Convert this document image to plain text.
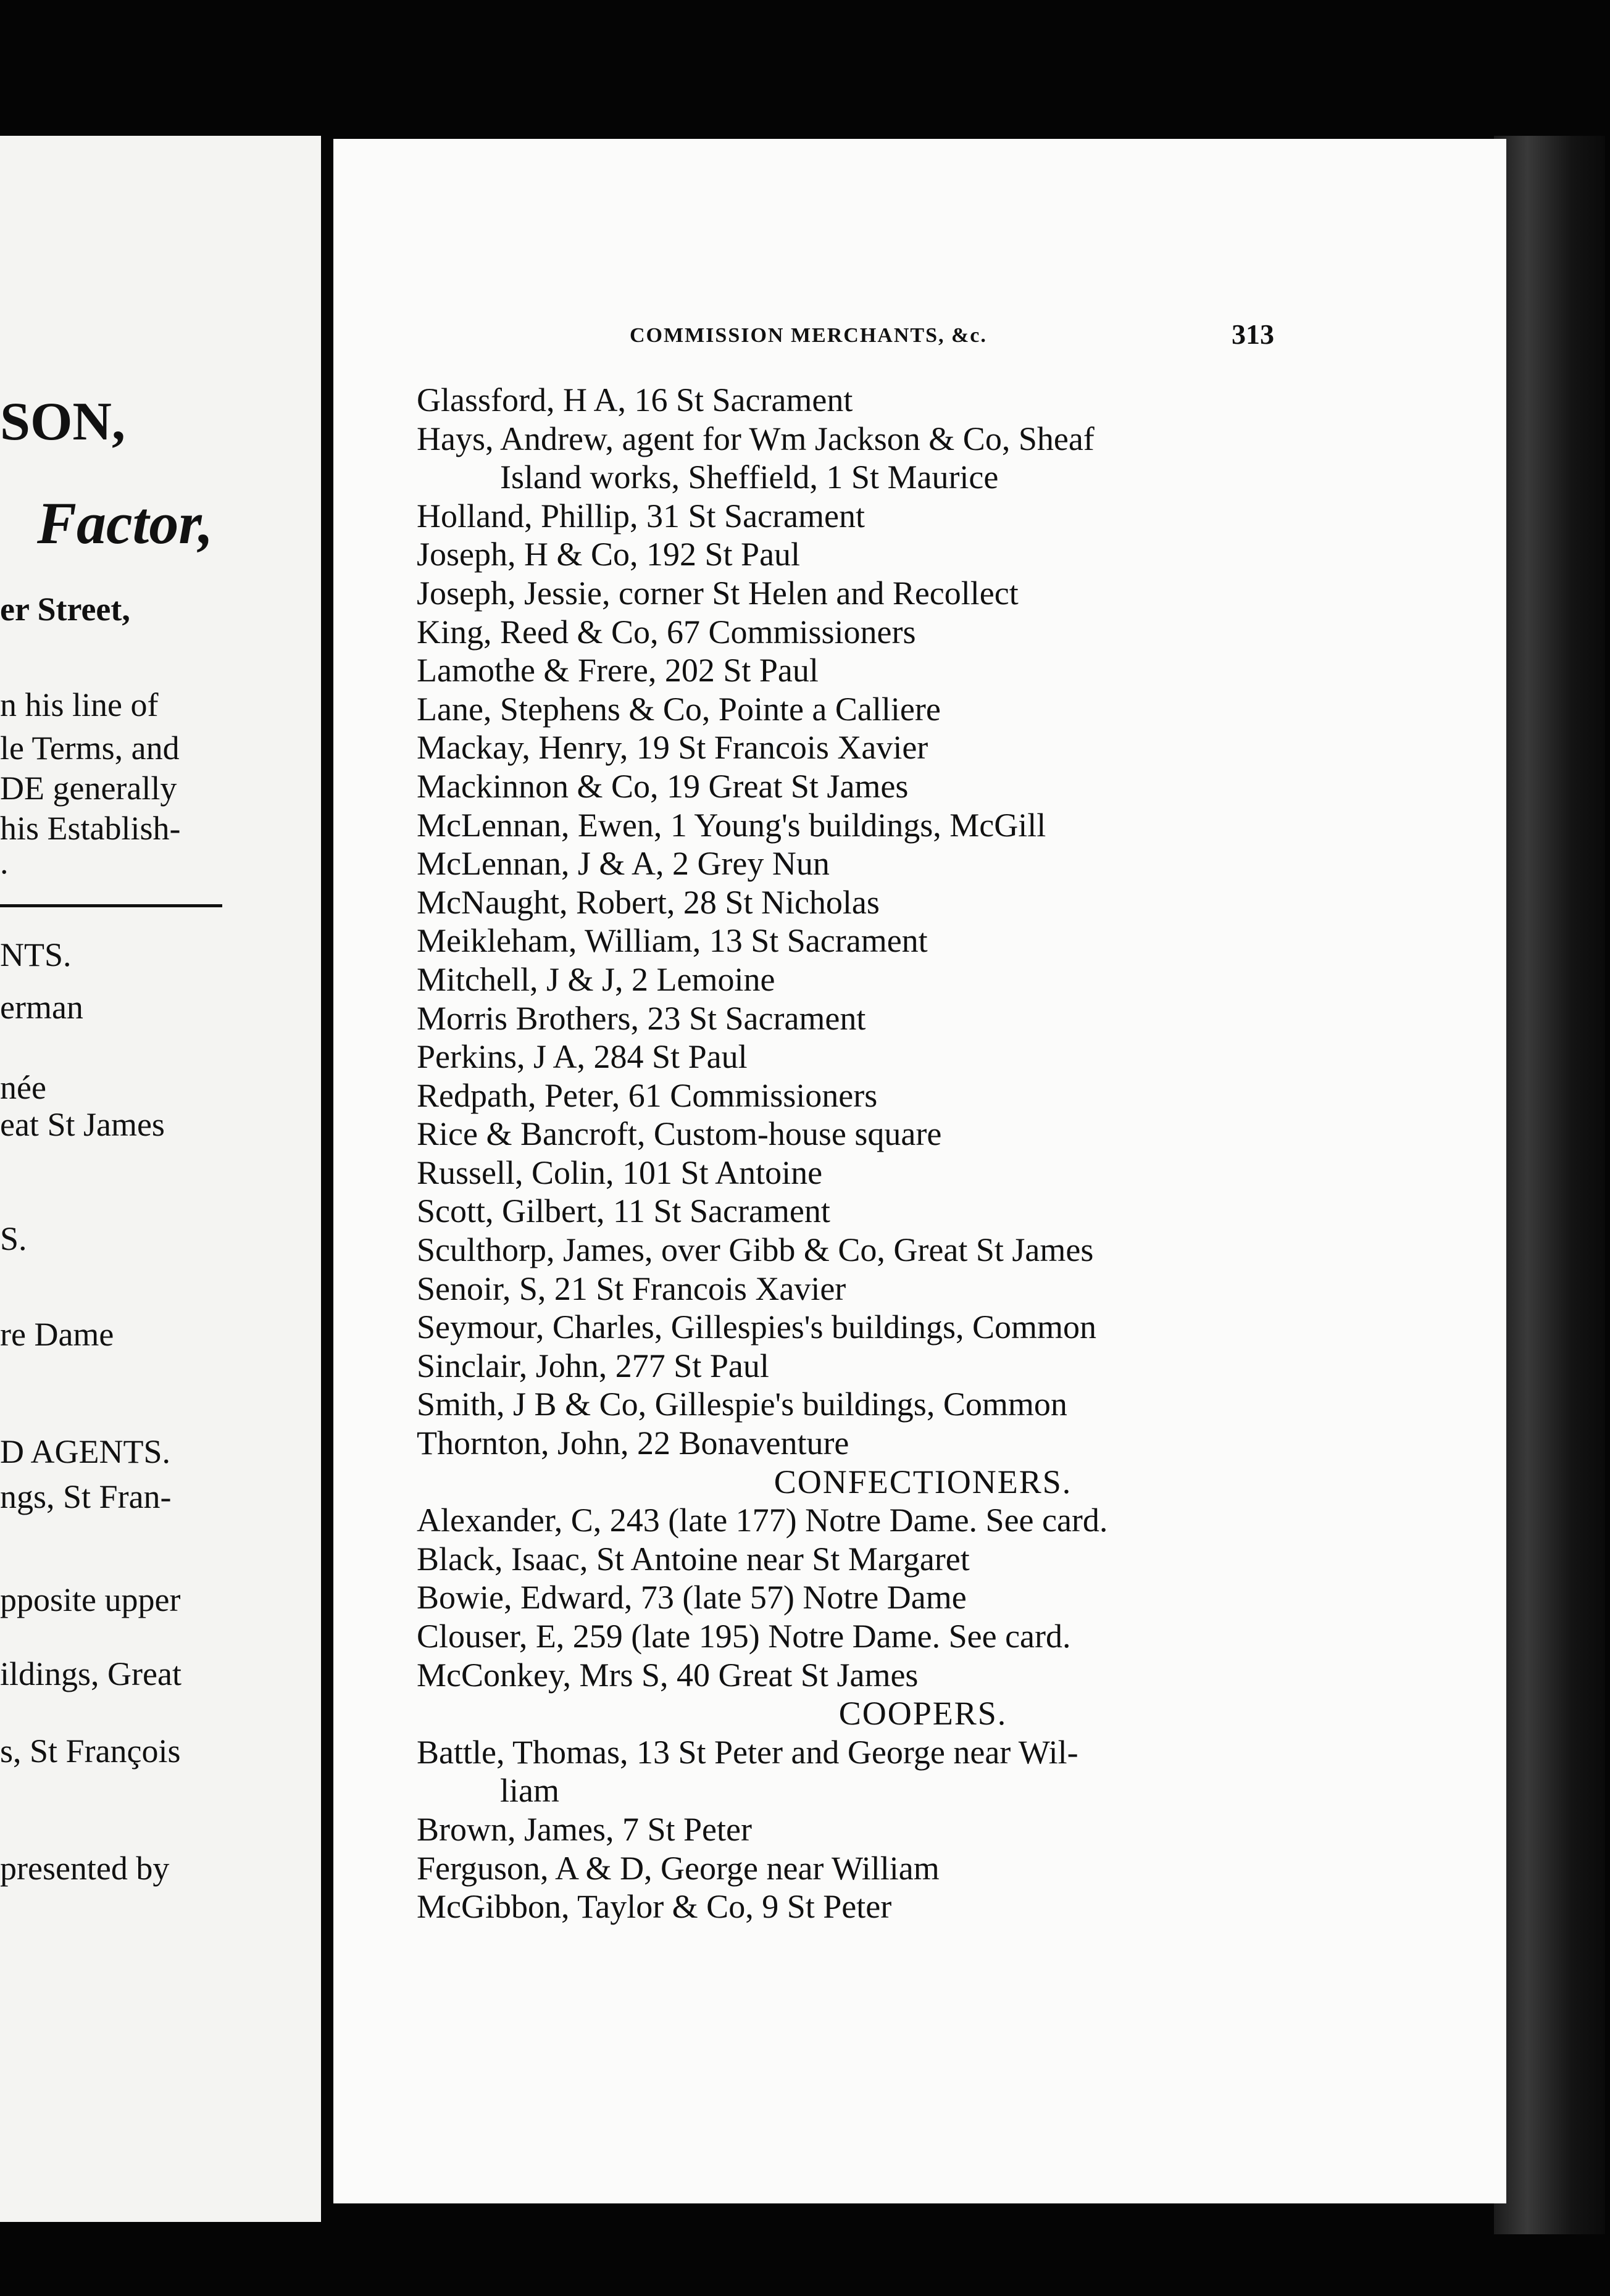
SON,
Factor,
er Street,
n his line of
le Terms, and
DE generally
his Establish-
.
NTS.
erman
née
eat St James
S.
re Dame
D AGENTS.
ngs, St Fran-
pposite upper
ildings, Great
s, St François
presented by
COMMISSION MERCHANTS, &c.	313
Glassford, H A, 16 St Sacrament
Hays, Andrew, agent for Wm Jackson & Co, Sheaf
Island works, Sheffield, 1 St Maurice
Holland, Phillip, 31 St Sacrament
Joseph, H & Co, 192 St Paul
Joseph, Jessie, corner St Helen and Recollect
King, Reed & Co, 67 Commissioners
Lamothe & Frere, 202 St Paul
Lane, Stephens & Co, Pointe a Calliere
Mackay, Henry, 19 St Francois Xavier
Mackinnon & Co, 19 Great St James
McLennan, Ewen, 1 Young's buildings, McGill
McLennan, J & A, 2 Grey Nun
McNaught, Robert, 28 St Nicholas
Meikleham, William, 13 St Sacrament
Mitchell, J & J, 2 Lemoine
Morris Brothers, 23 St Sacrament
Perkins, J A, 284 St Paul
Redpath, Peter, 61 Commissioners
Rice & Bancroft, Custom-house square
Russell, Colin, 101 St Antoine
Scott, Gilbert, 11 St Sacrament
Sculthorp, James, over Gibb & Co, Great St James
Senoir, S, 21 St Francois Xavier
Seymour, Charles, Gillespies's buildings, Common
Sinclair, John, 277 St Paul
Smith, J B & Co, Gillespie's buildings, Common
Thornton, John, 22 Bonaventure
CONFECTIONERS.
Alexander, C, 243 (late 177) Notre Dame. See card.
Black, Isaac, St Antoine near St Margaret
Bowie, Edward, 73 (late 57) Notre Dame
Clouser, E, 259 (late 195) Notre Dame. See card.
McConkey, Mrs S, 40 Great St James
COOPERS.
Battle, Thomas, 13 St Peter and George near Wil-
liam
Brown, James, 7 St Peter
Ferguson, A & D, George near William
McGibbon, Taylor & Co, 9 St Peter
